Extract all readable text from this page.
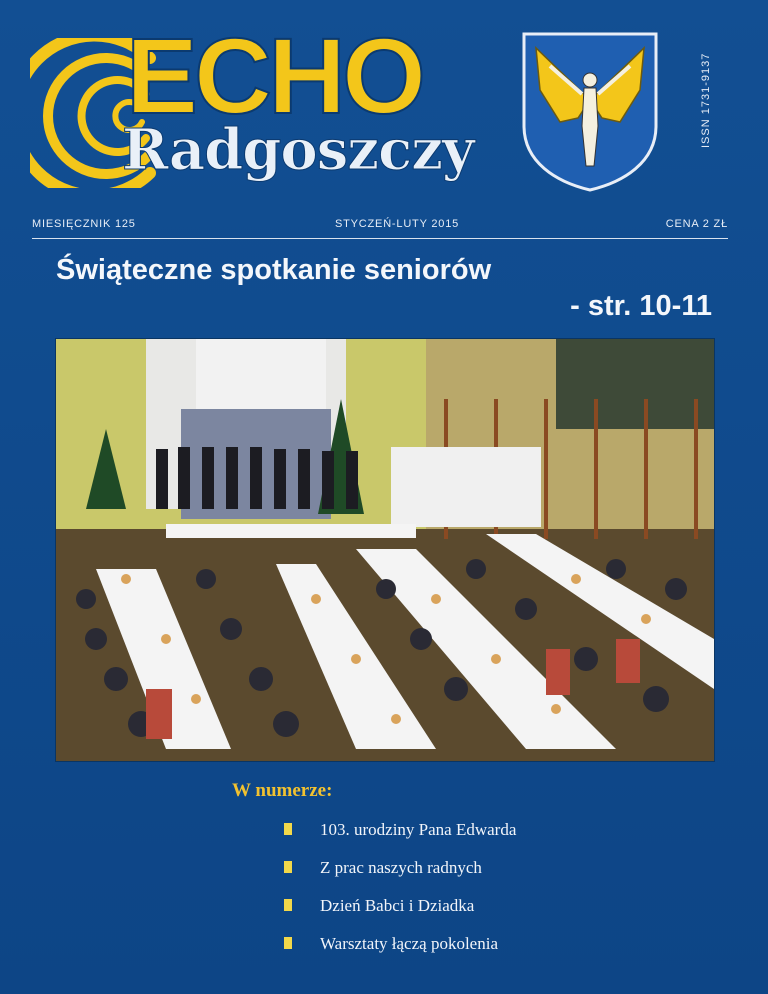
ECHO
Radgoszczy
ISSN 1731-9137
MIESIĘCZNIK 125	STYCZEŃ-LUTY 2015	CENA 2 ZŁ
Świąteczne spotkanie seniorów
- str. 10-11
W numerze:
103. urodziny Pana Edwarda
Z prac naszych radnych
Dzień Babci i Dziadka
Warsztaty łączą pokolenia
